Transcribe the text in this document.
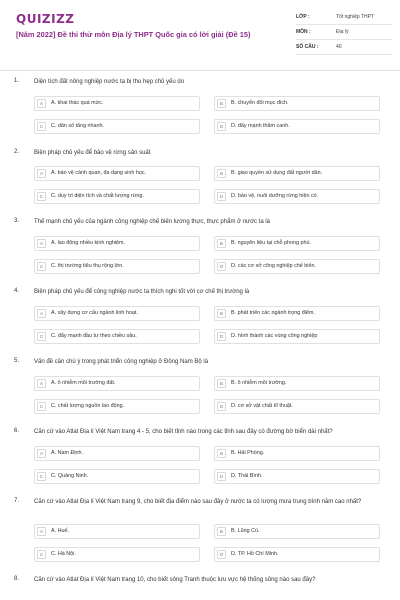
QUIZIZZ
[Năm 2022] Đề thi thử môn Địa lý THPT Quốc gia có lời giải (Đề 15)
LỚP :	Tốt nghiệp THPT
MÔN :	Địa lý
SỐ CÂU :	40
1. Diện tích đất nông nghiệp nước ta bị thu hẹp chủ yếu do
A	A. khai thác quá mức.	B	B. chuyển đổi mục đích.
C	C. dân số tăng nhanh.	D	D. đẩy mạnh thâm canh.
2. Biện pháp chủ yếu để bảo vệ rừng sản suất
A	A. bảo vệ cảnh quan, đa dạng sinh học.	B	B. giao quyền sử dụng đất người dân.
C	C. duy trì diện tích và chất lượng rừng.	D	D. bảo vệ, nuôi dưỡng rừng hiện có.
3. Thế mạnh chủ yếu của ngành công nghiệp chế biến lương thực, thực phẩm ở nước ta là
A	A. lao động nhiều kinh nghiệm.	B	B. nguyên liệu tại chỗ phong phú.
C	C. thị trường tiêu thụ rộng lớn.	D	D. các cơ sở công nghiệp chế biến.
4. Biện pháp chủ yếu để công nghiệp nước ta thích nghi tốt với cơ chế thị trường là
A	A. xây dựng cơ cấu ngành linh hoạt.	B	B. phát triển các ngành trọng điểm.
C	C. đẩy mạnh đầu tư theo chiều sâu.	D	D. hình thành các vùng công nghiệp
5. Vấn đề cần chú ý trong phát triển công nghiệp ở Đông Nam Bộ là
A	A. ô nhiễm môi trường đất.	B	B. ô nhiễm môi trường.
C	C. chất lượng nguồn lao động.	D	D. cơ sở vật chất kĩ thuật.
6. Căn cứ vào Atlat Địa lí Việt Nam trang 4 - 5, cho biết tỉnh nào trong các tỉnh sau đây có đường bờ biển dài nhất?
A	A. Nam Định.	B	B. Hải Phòng.
C	C. Quảng Ninh.	D	D. Thái Bình.
7. Căn cứ vào Atlat Địa lí Việt Nam trang 9, cho biết địa điểm nào sau đây ở nước ta có lượng mưa trung bình năm cao nhất?
A	A. Huế.	B	B. Lũng Cú.
C	C. Hà Nội.	D	D. TP. Hồ Chí Minh.
8. Căn cứ vào Atlat Địa lí Việt Nam trang 10, cho biết sông Tranh thuộc lưu vực hệ thống sông nào sau đây?
